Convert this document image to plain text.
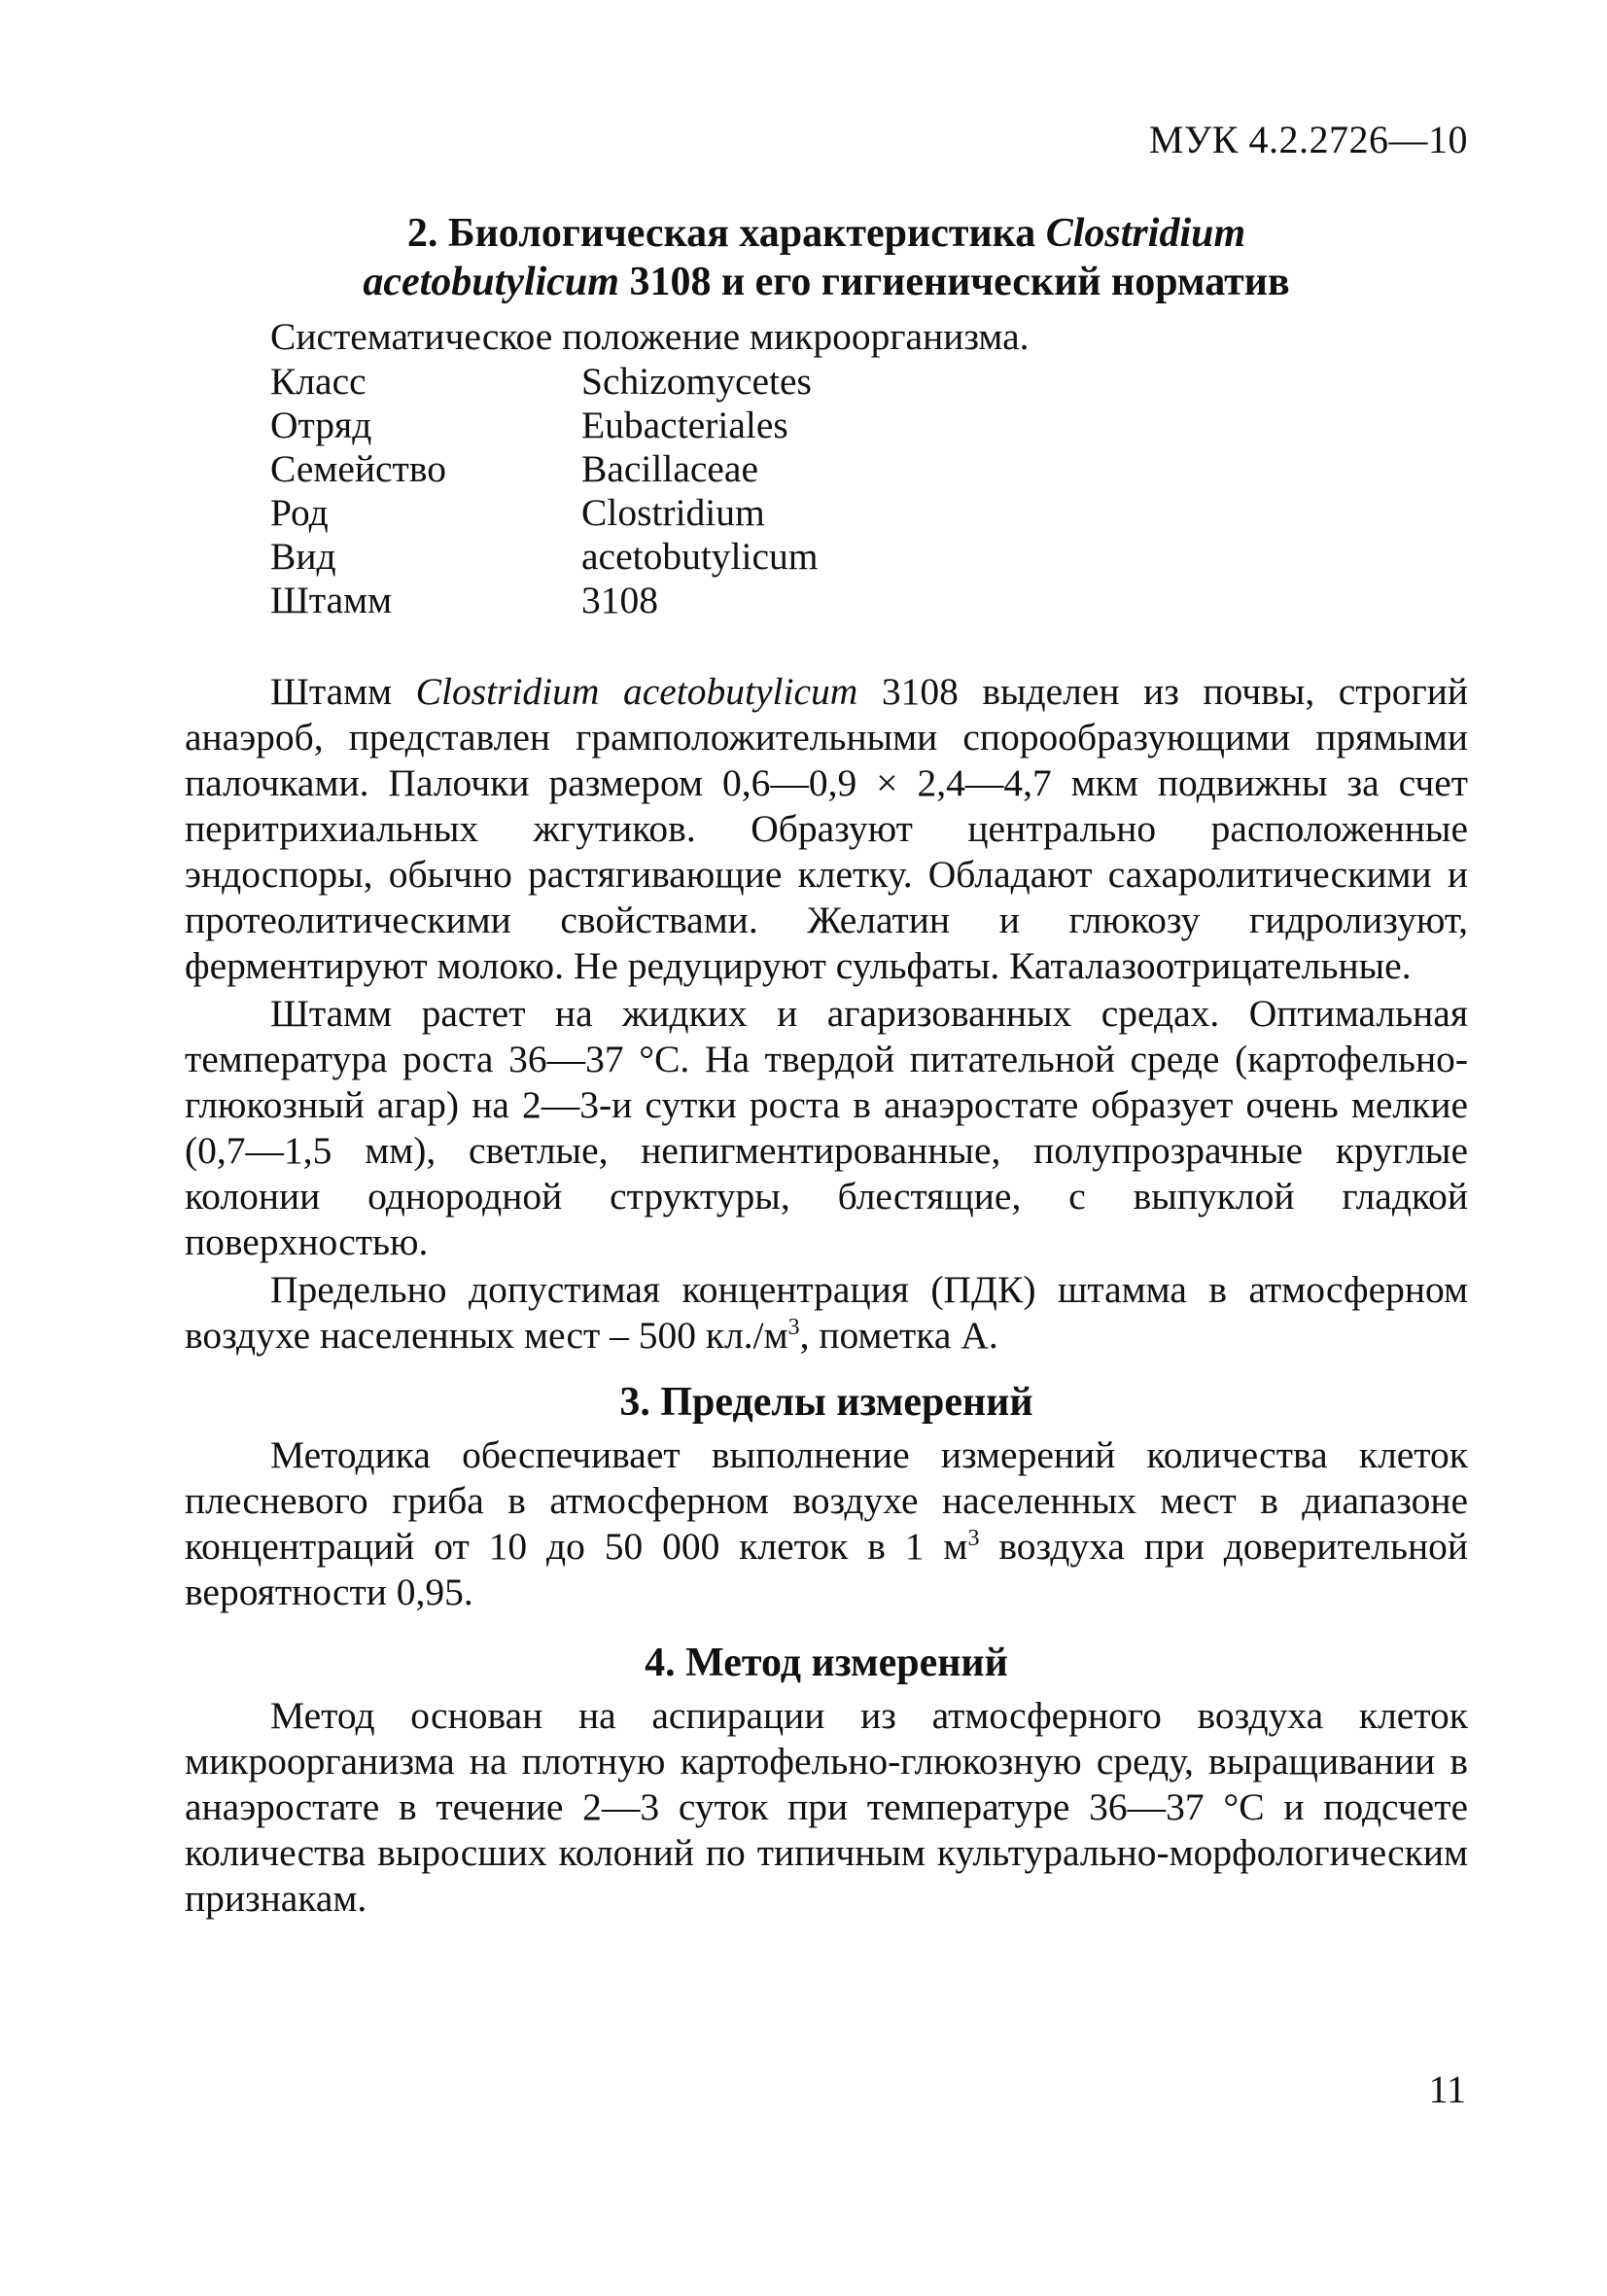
МУК 4.2.2726—10
2. Биологическая характеристика Clostridium
acetobutylicum 3108 и его гигиенический норматив

Систематическое положение микроорганизма.

Класс	Schizomycetes
Отряд	Eubacteriales
Семейство	Bacillaceae
Род	Clostridium
Вид	acetobutylicum
Штамм	3108

Штамм Clostridium acetobutylicum 3108 выделен из почвы, строгий анаэроб, представлен грамположительными спорообразующими прямыми палочками. Палочки размером 0,6—0,9 × 2,4—4,7 мкм подвижны за счет перитрихиальных жгутиков. Образуют центрально расположенные эндоспоры, обычно растягивающие клетку. Обладают сахаролитическими и протеолитическими свойствами. Желатин и глюкозу гидролизуют, ферментируют молоко. Не редуцируют сульфаты. Каталазоотрицательные.

Штамм растет на жидких и агаризованных средах. Оптимальная температура роста 36—37 °С. На твердой питательной среде (картофельно-глюкозный агар) на 2—3-и сутки роста в анаэростате образует очень мелкие (0,7—1,5 мм), светлые, непигментированные, полупрозрачные круглые колонии однородной структуры, блестящие, с выпуклой гладкой поверхностью.

Предельно допустимая концентрация (ПДК) штамма в атмосферном воздухе населенных мест – 500 $кл./м^3$, пометка А.

3. Пределы измерений

Методика обеспечивает выполнение измерений количества клеток плесневого гриба в атмосферном воздухе населенных мест в диапазоне концентраций от 10 до 50 000 клеток в 1 $м^3$ воздуха при доверительной вероятности 0,95.

4. Метод измерений

Метод основан на аспирации из атмосферного воздуха клеток микроорганизма на плотную картофельно-глюкозную среду, выращивании в анаэростате в течение 2—3 суток при температуре 36—37 °С и подсчете количества выросших колоний по типичным культурально-морфологическим признакам.

11
